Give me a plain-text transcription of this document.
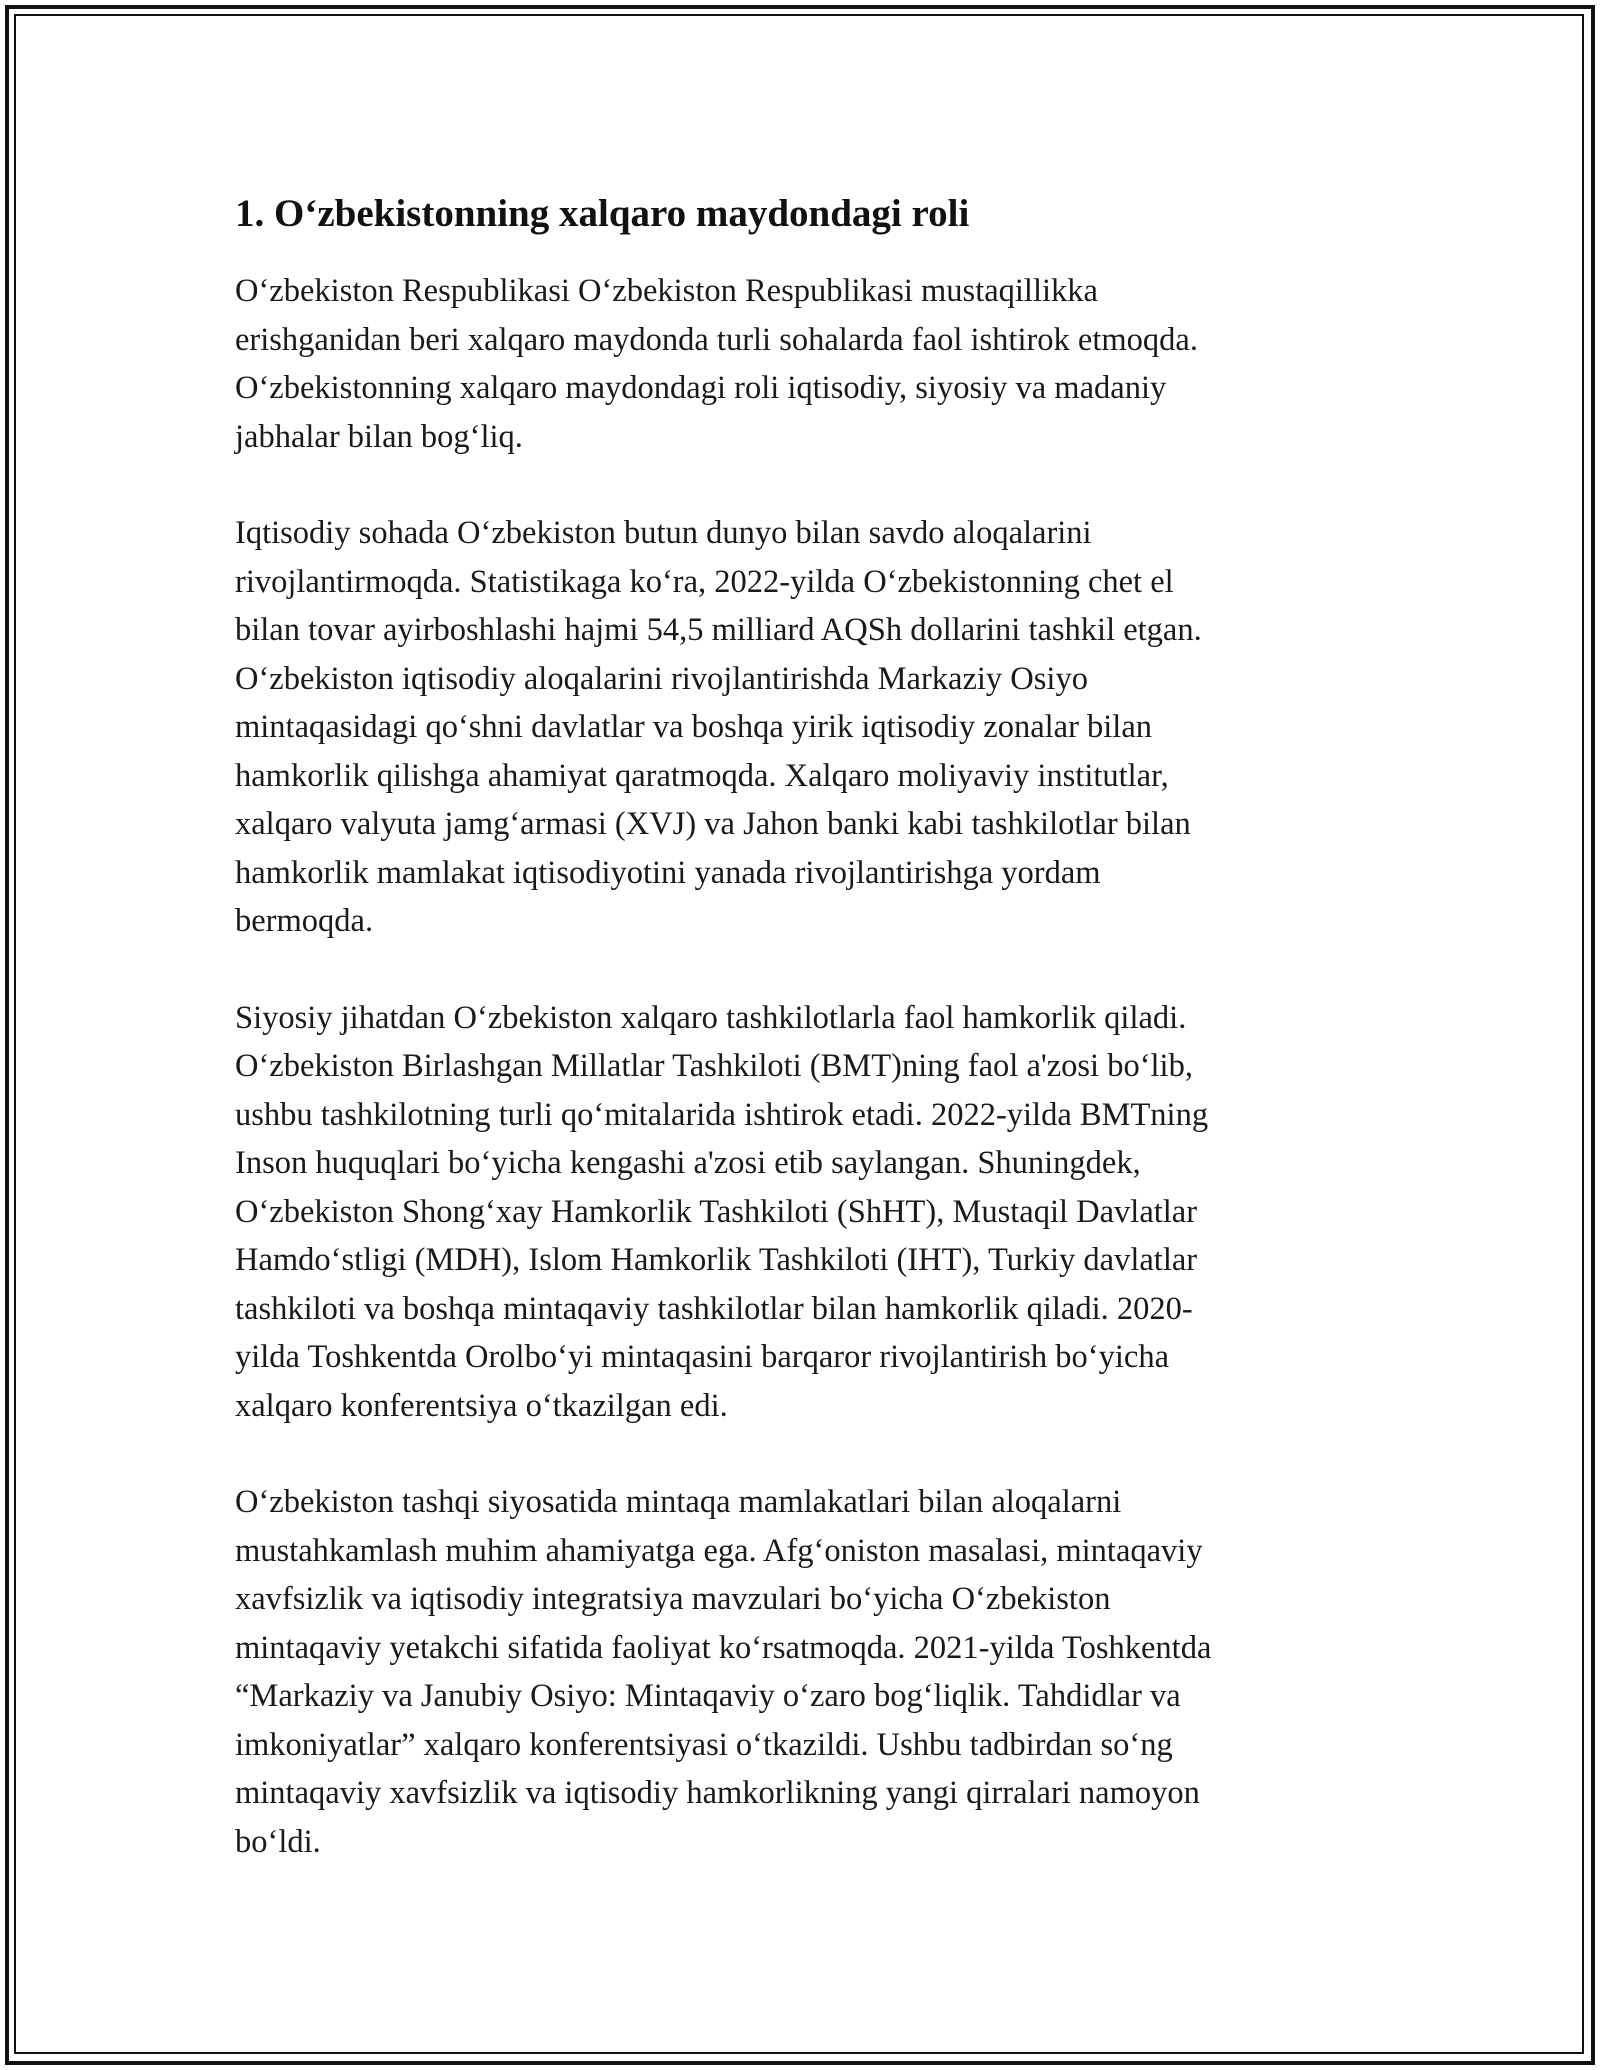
1. O‘zbekistonning xalqaro maydondagi roli

O‘zbekiston Respublikasi O‘zbekiston Respublikasi mustaqillikka
erishganidan beri xalqaro maydonda turli sohalarda faol ishtirok etmoqda.
O‘zbekistonning xalqaro maydondagi roli iqtisodiy, siyosiy va madaniy
jabhalar bilan bog‘liq.

Iqtisodiy sohada O‘zbekiston butun dunyo bilan savdo aloqalarini
rivojlantirmoqda. Statistikaga ko‘ra, 2022-yilda O‘zbekistonning chet el
bilan tovar ayirboshlashi hajmi 54,5 milliard AQSh dollarini tashkil etgan.
O‘zbekiston iqtisodiy aloqalarini rivojlantirishda Markaziy Osiyo
mintaqasidagi qo‘shni davlatlar va boshqa yirik iqtisodiy zonalar bilan
hamkorlik qilishga ahamiyat qaratmoqda. Xalqaro moliyaviy institutlar,
xalqaro valyuta jamg‘armasi (XVJ) va Jahon banki kabi tashkilotlar bilan
hamkorlik mamlakat iqtisodiyotini yanada rivojlantirishga yordam
bermoqda.

Siyosiy jihatdan O‘zbekiston xalqaro tashkilotlarla faol hamkorlik qiladi.
O‘zbekiston Birlashgan Millatlar Tashkiloti (BMT)ning faol a'zosi bo‘lib,
ushbu tashkilotning turli qo‘mitalarida ishtirok etadi. 2022-yilda BMTning
Inson huquqlari bo‘yicha kengashi a'zosi etib saylangan. Shuningdek,
O‘zbekiston Shong‘xay Hamkorlik Tashkiloti (ShHT), Mustaqil Davlatlar
Hamdo‘stligi (MDH), Islom Hamkorlik Tashkiloti (IHT), Turkiy davlatlar
tashkiloti va boshqa mintaqaviy tashkilotlar bilan hamkorlik qiladi. 2020-
yilda Toshkentda Orolbo‘yi mintaqasini barqaror rivojlantirish bo‘yicha
xalqaro konferentsiya o‘tkazilgan edi.

O‘zbekiston tashqi siyosatida mintaqa mamlakatlari bilan aloqalarni
mustahkamlash muhim ahamiyatga ega. Afg‘oniston masalasi, mintaqaviy
xavfsizlik va iqtisodiy integratsiya mavzulari bo‘yicha O‘zbekiston
mintaqaviy yetakchi sifatida faoliyat ko‘rsatmoqda. 2021-yilda Toshkentda
“Markaziy va Janubiy Osiyo: Mintaqaviy o‘zaro bog‘liqlik. Tahdidlar va
imkoniyatlar” xalqaro konferentsiyasi o‘tkazildi. Ushbu tadbirdan so‘ng
mintaqaviy xavfsizlik va iqtisodiy hamkorlikning yangi qirralari namoyon
bo‘ldi.
